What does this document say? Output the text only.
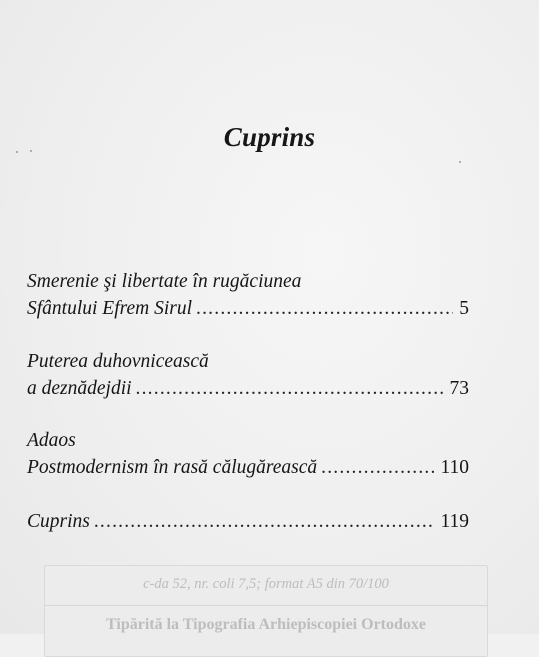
Cuprins
Smerenie şi libertate în rugăciunea
Sfântului Efrem Sirul .....	5
Puterea duhovnicească
a deznădejdii .....	73
Adaos
Postmodernism în rasă călugărească .....	110
Cuprins .....	119
c-da 52, nr. coli 7,5; format A5 din 70/100
Tipărită la Tipografia Arhiepiscopiei Ortodoxe
